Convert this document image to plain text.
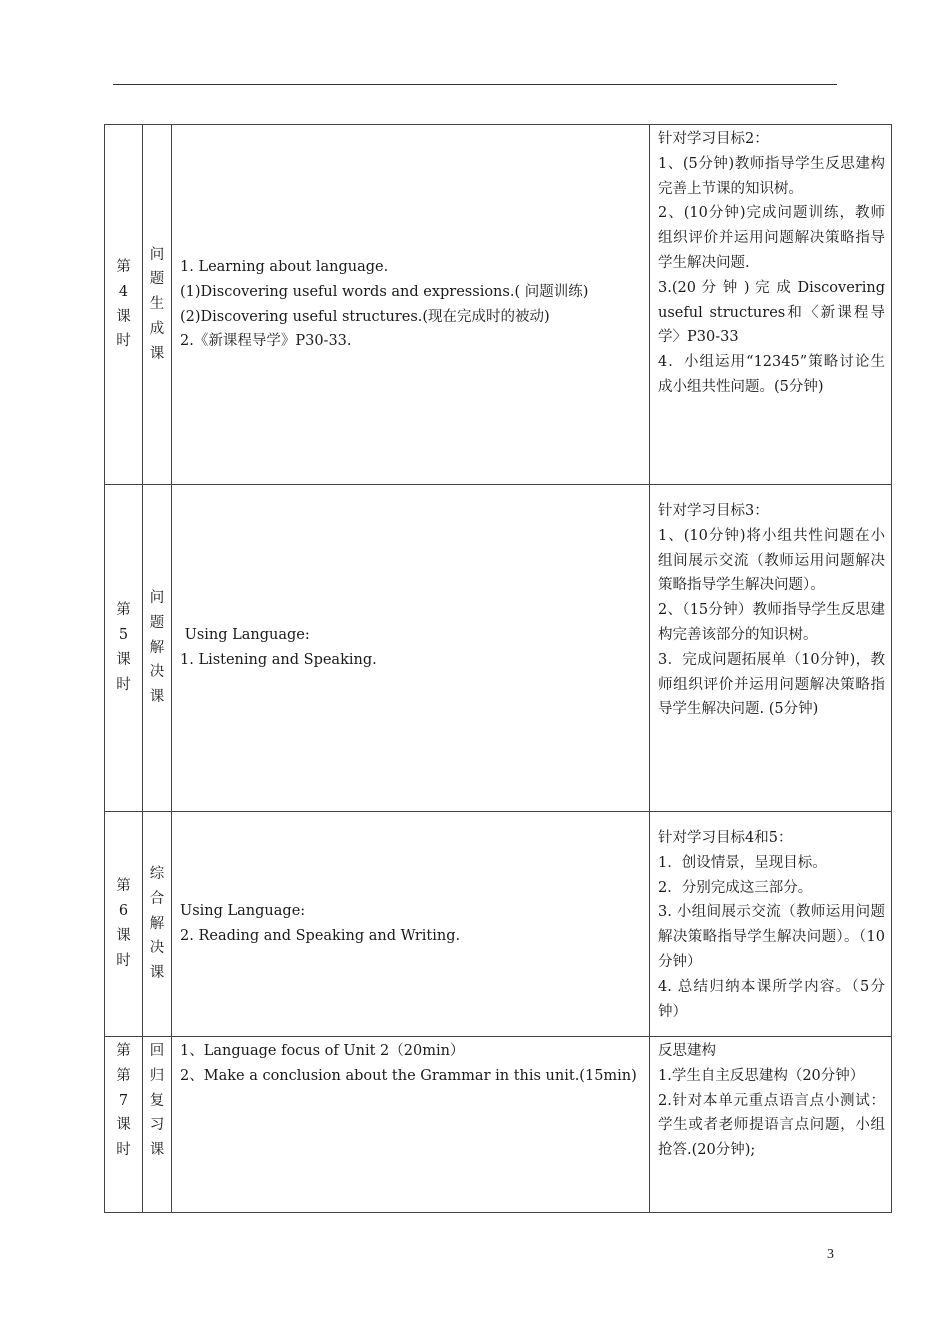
第
4
课
时	问
题
生
成
课	1. Learning about language.
(1)Discovering useful words and expressions.( 问题训练)
(2)Discovering useful structures.(现在完成时的被动)
2.《新课程导学》P30-33.	针对学习目标2：
1、(5分钟)教师指导学生反思建构完善上节课的知识树。
2、(10分钟)完成问题训练，教师组织评价并运用问题解决策略指导学生解决问题.
3.(20 分 钟 ) 完 成 Discovering useful structures和〈新课程导学〉P30-33
4．小组运用“12345”策略讨论生成小组共性问题。(5分钟)

第
5
课
时	问
题
解
决
课	Using Language:
1. Listening and Speaking.	针对学习目标3：
1、(10分钟)将小组共性问题在小组间展示交流（教师运用问题解决策略指导学生解决问题）。
2、（15分钟）教师指导学生反思建构完善该部分的知识树。
3．完成问题拓展单（10分钟)，教师组织评价并运用问题解决策略指导学生解决问题. (5分钟)

第
6
课
时	综
合
解
决
课	Using Language:
2. Reading and Speaking and Writing.	针对学习目标4和5：
1．创设情景，呈现目标。
2．分别完成这三部分。
3. 小组间展示交流（教师运用问题解决策略指导学生解决问题）。（10分钟）
4. 总结归纳本课所学内容。（5分钟）

第
第
7
课
时	回
归
复
习
课	1、Language focus of Unit 2（20min）
2、Make a conclusion about the Grammar in this unit.(15min)	反思建构
1.学生自主反思建构（20分钟）
2.针对本单元重点语言点小测试：学生或者老师提语言点问题，小组抢答.(20分钟);
3
